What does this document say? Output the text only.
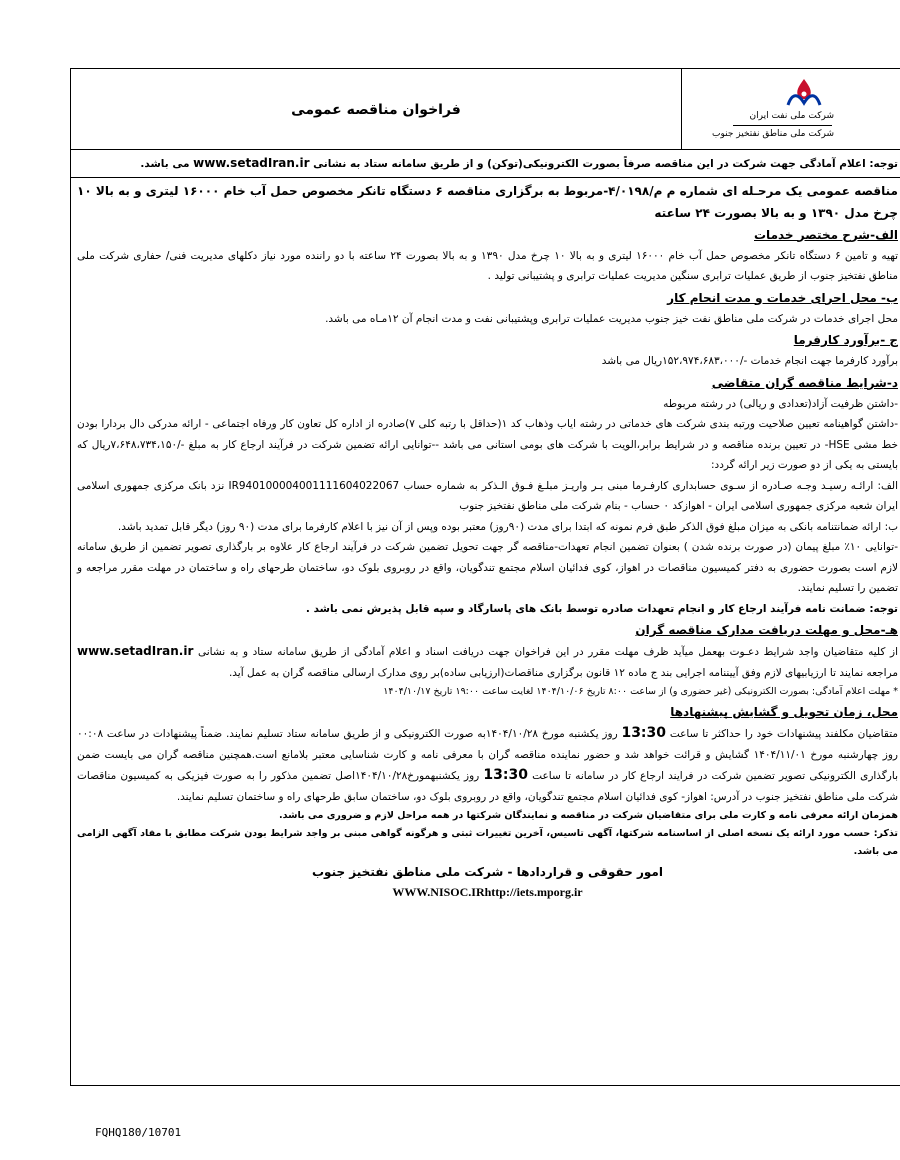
فراخوان مناقصه عمومی	شرکت ملی نفت ایران
شرکت ملی مناطق نفتخیز جنوب

توجه: اعلام آمادگی جهت شرکت در این مناقصه صرفاً بصورت الکترونیکی(توکن) و از طریق سامانه ستاد به نشانی www.setadIran.ir می باشد.

مناقصه عمومی یک مرحـله ای شماره م م/۴/۰۱۹۸-مربوط به برگزاری مناقصه ۶ دستگاه تانکر مخصوص حمل آب خام ۱۶۰۰۰ لیتری و به بالا ۱۰ چرخ مدل ۱۳۹۰ و به بالا بصورت ۲۴ ساعته

الف-شرح مختصر خدمات

تهیه و تامین ۶ دستگاه تانکر مخصوص حمل آب خام ۱۶۰۰۰ لیتری و به بالا ۱۰ چرخ مدل ۱۳۹۰ و به بالا بصورت ۲۴ ساعته با دو راننده مورد نیاز دکلهای مدیریت فنی/ حفاری شرکت ملی مناطق نفتخیز جنوب از طریق عملیات ترابری سنگین مدیریت عملیات ترابری و پشتیبانی تولید .

ب- محل اجرای خدمات و مدت انجام کار

محل اجرای خدمات در شرکت ملی مناطق نفت خیز جنوب مدیریت عملیات ترابری وپشتیبانی نفت و مدت انجام آن ۱۲مـاه می باشد.

ج -برآورد کارفرما

برآورد کارفرما جهت انجام خدمات -/۱۵۲،۹۷۴،۶۸۳،۰۰۰ریال می باشد

د-شرایط مناقصه گران متقاضی

-داشتن ظرفیت آزاد(تعدادی و ریالی) در رشته مربوطه

-داشتن گواهینامه تعیین صلاحیت ورتبه بندی شرکت های خدماتی در رشته ایاب وذهاب کد ۱(حداقل با رتبه کلی ۷)صادره از اداره کل تعاون کار ورفاه اجتماعی - ارائه مدرکی دال بردارا بودن خط مشی HSE- در تعیین برنده مناقصه و در شرایط برابر،الویت با شرکت های بومی استانی می باشد --توانایی ارائه تضمین شرکت در فرآیند ارجاع کار به مبلغ -/۷،۶۴۸،۷۳۴،۱۵۰ریال که بایستی به یکی از دو صورت زیر ارائه گردد:

الف: ارائـه رسیـد وجـه صـادره از سـوی حسابداری کارفـرما مبنی بـر واریـز مبلـغ فـوق الـذکر به شماره حساب IR940100004001111604022067 نزد بانک مرکزی جمهوری اسلامی ایران شعبه مرکزی جمهوری اسلامی ایران - اهوازکد ۰ حساب - بنام شرکت ملی مناطق نفتخیز جنوب

ب: ارائه ضمانتنامه بانکی به میزان مبلغ فوق الذکر طبق فرم نمونه که ابتدا برای مدت (۹۰روز) معتبر بوده وپس از آن نیز با اعلام کارفرما برای مدت (۹۰ روز) دیگر قابل تمدید باشد.

-توانایی ۱۰٪ مبلغ پیمان (در صورت برنده شدن ) بعنوان تضمین انجام تعهدات-مناقصه گر جهت تحویل تضمین شرکت در فرآیند ارجاع کار علاوه بر بارگذاری تصویر تضمین از طریق سامانه لازم است بصورت حضوری به دفتر کمیسیون مناقصات در اهواز، کوی فدائیان اسلام مجتمع تندگویان، واقع در روبروی بلوک دو، ساختمان طرحهای راه و ساختمان در مهلت مقرر مراجعه و تضمین را تسلیم نمایند.

توجه: ضمانت نامه فرآیند ارجاع کار و انجام تعهدات صادره توسط بانک های پاسارگاد و سپه قابل پذیرش نمی باشد .

هـ-محل و مهلت دریافت مدارک مناقصه گران

از کلیه متقاضیان واجد شرایط دعـوت بهعمل میآید ظرف مهلت مقرر در این فراخوان جهت دریافت اسناد و اعلام آمادگی از طریق سامانه ستاد و به نشانی www.setadIran.ir مراجعه نمایند تا ارزیابیهای لازم وفق آییننامه اجرایی بند ج ماده ۱۲ قانون برگزاری مناقصات(ارزیابی ساده)بر روی مدارک ارسالی مناقصه گران به عمل آید.

* مهلت اعلام آمادگی: بصورت الکترونیکی (غیر حضوری و) از ساعت ۸:۰۰ تاریخ ۱۴۰۴/۱۰/۰۶ لغایت ساعت ۱۹:۰۰ تاریخ ۱۴۰۴/۱۰/۱۷

محل، زمان تحویل و گشایش پیشنهادها

متقاضیان مکلفند پیشنهادات خود را حداکثر تا ساعت 13:30 روز یکشنبه مورخ ۱۴۰۴/۱۰/۲۸به صورت الکترونیکی و از طریق سامانه ستاد تسلیم نمایند. ضمناً پیشنهادات در ساعت ۰۰:۰۸ روز چهارشنبه مورخ ۱۴۰۴/۱۱/۰۱ گشایش و قرائت خواهد شد و حضور نماینده مناقصه گران با معرفی نامه و کارت شناسایی معتبر بلامانع است.همچنین مناقصه گران می بایست ضمن بارگذاری الکترونیکی تصویر تضمین شرکت در فرایند ارجاع کار در سامانه تا ساعت 13:30 روز یکشنبهمورخ۱۴۰۴/۱۰/۲۸اصل تضمین مذکور را به صورت فیزیکی به کمیسیون مناقصات شرکت ملی مناطق نفتخیز جنوب در آدرس: اهواز- کوی فدائیان اسلام مجتمع تندگویان، واقع در روبروی بلوک دو، ساختمان سابق طرحهای راه و ساختمان تسلیم نمایند.

همزمان ارائه معرفی نامه و کارت ملی برای متقاضیان شرکت در مناقصه و نمایندگان شرکتها در همه مراحل لازم و ضروری می باشد.

تذکر: حسب مورد ارائه یک نسخه اصلی از اساسنامه شرکتها، آگهی تاسیس، آخرین تغییرات ثبتی و هرگونه گواهی مبنی بر واجد شرایط بودن شرکت مطابق با مفاد آگهی الزامی می باشد.

امور حقوقی و قراردادها - شرکت ملی مناطق نفتخیز جنوب

WWW.NISOC.IRhttp://iets.mporg.ir

FQHQ180/10701
